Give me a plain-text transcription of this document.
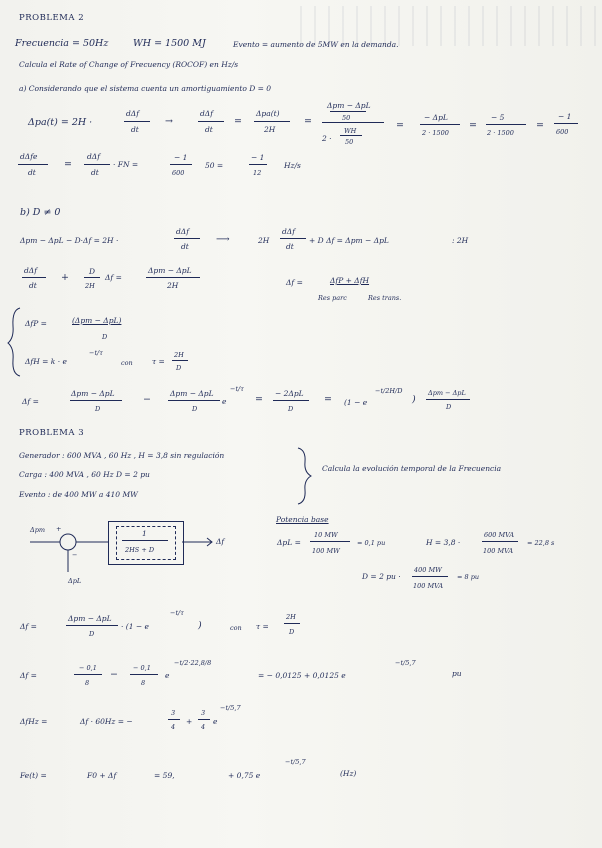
PROBLEMA 2
Frecuencia = 50Hz	WH = 1500 MJ	Evento = aumento de 5MW en la demanda.
Calcula el Rate of Change of Frecuency (ROCOF) en Hz/s
a) Considerando que el sistema cuenta un amortiguamiento D = 0
Δpa(t) = 2H ·
dΔf
dt
→
dΔf
dt
=
Δpa(t)
2H
=
Δpm − ΔpL
50
2 ·
WH
50
=
− ΔpL
2 · 1500
=
− 5
2 · 1500
=
− 1
600
dΔfe
dt
=
dΔf
dt
· FN =
− 1
600
50 =
− 1
12
Hz/s
b) D ≠ 0
Δpm − ΔpL − D·Δf = 2H ·
dΔf
dt
⟶	2H
dΔf
dt
+ D Δf = Δpm − ΔpL	: 2H
dΔf
dt
+
D
2H
Δf =
Δpm − ΔpL
2H	Δf =	ΔfP + ΔfH
Res parc	Res trans.
ΔfP =	(Δpm − ΔpL)
D
ΔfH = k · e
−t/τ
con	τ =
2H
D
Δf =
Δpm − ΔpL
D
−
Δpm − ΔpL
D
e
−t/τ
=
− 2ΔpL
D
= (1 − e
−t/2H/D
)
Δpm − ΔpL
D
PROBLEMA 3
Generador : 600 MVA , 60 Hz , H = 3,8 sin regulación
Carga : 400 MVA , 60 Hz D = 2 pu
Evento : de 400 MW a 410 MW
Calcula la evolución temporal de la Frecuencia
Δpm +
−
1
2HS + D
Δf
ΔpL
Potencia base
ΔpL =
10 MW
100 MW
= 0,1 pu	H = 3,8 ·
600 MVA
100 MVA
= 22,8 s
D = 2 pu ·
400 MW
100 MVA
= 8 pu
Δf =
Δpm − ΔpL
D
· (1 − e
−t/τ
)	con τ =
2H
D
Δf =
− 0,1
8
−
− 0,1
8
e
−t/2·22,8/8
= − 0,0125 + 0,0125 e
−t/5,7
pu
ΔfHz =	Δf · 60Hz = −
3
4
+
3
4
e
−t/5,7
Fe(t) =	F0 + Δf	= 59,	+ 0,75 e
−t/5,7
(Hz)
